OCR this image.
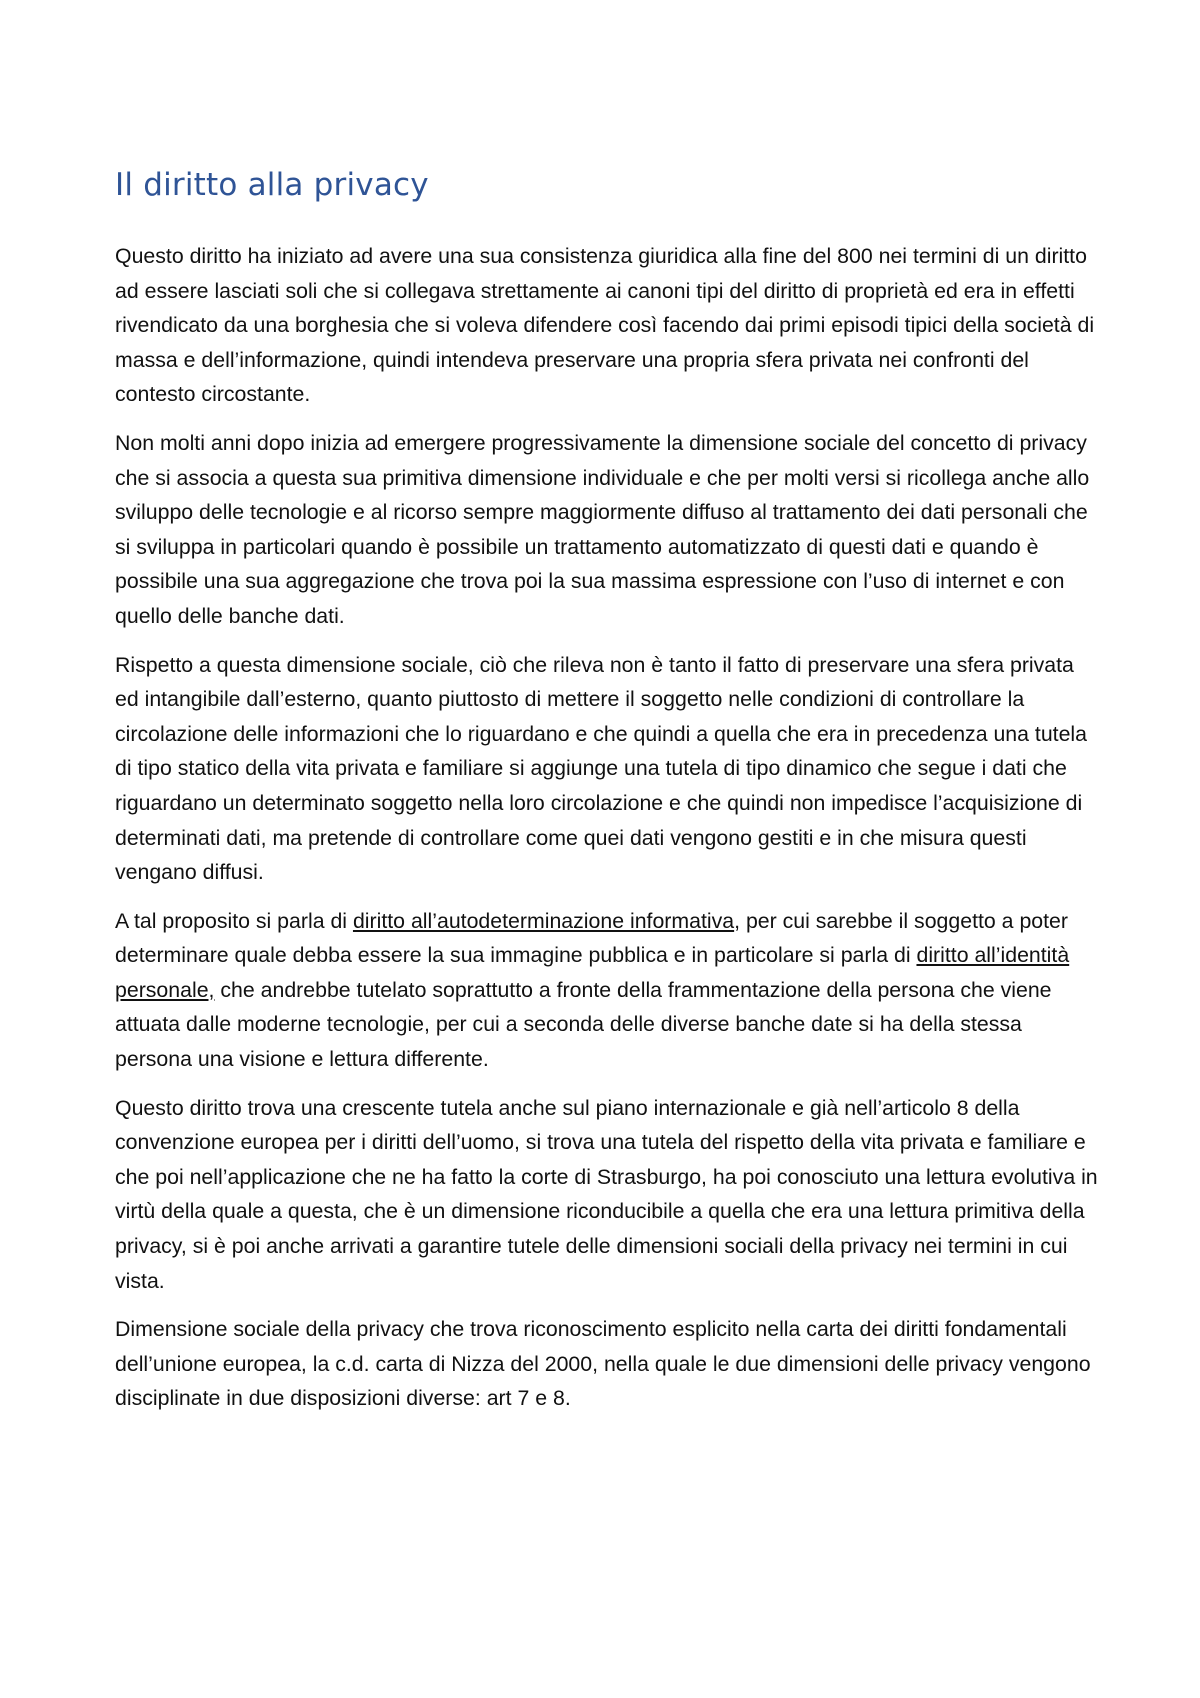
Il diritto alla privacy

Questo diritto ha iniziato ad avere una sua consistenza giuridica alla fine del 800 nei termini di un diritto ad essere lasciati soli che si collegava strettamente ai canoni tipi del diritto di proprietà ed era in effetti rivendicato da una borghesia che si voleva difendere così facendo dai primi episodi tipici della società di massa e dell’informazione, quindi intendeva preservare una propria sfera privata nei confronti del contesto circostante.

Non molti anni dopo inizia ad emergere progressivamente la dimensione sociale del concetto di privacy che si associa a questa sua primitiva dimensione individuale e che per molti versi si ricollega anche allo sviluppo delle tecnologie e al ricorso sempre maggiormente diffuso al trattamento dei dati personali che si sviluppa in particolari quando è possibile un trattamento automatizzato di questi dati e quando è possibile una sua aggregazione che trova poi la sua massima espressione con l’uso di internet e con quello delle banche dati.

Rispetto a questa dimensione sociale, ciò che rileva non è tanto il fatto di preservare una sfera privata ed intangibile dall’esterno, quanto piuttosto di mettere il soggetto nelle condizioni di controllare la circolazione delle informazioni che lo riguardano e che quindi a quella che era in precedenza una tutela di tipo statico della vita privata e familiare si aggiunge una tutela di tipo dinamico che segue i dati che riguardano un determinato soggetto nella loro circolazione e che quindi non impedisce l’acquisizione di determinati dati, ma pretende di controllare come quei dati vengono gestiti e in che misura questi vengano diffusi.

A tal proposito si parla di diritto all’autodeterminazione informativa, per cui sarebbe il soggetto a poter determinare quale debba essere la sua immagine pubblica e in particolare si parla di diritto all’identità personale, che andrebbe tutelato soprattutto a fronte della frammentazione della persona che viene attuata dalle moderne tecnologie, per cui a seconda delle diverse banche date si ha della stessa persona una visione e lettura differente.

Questo diritto trova una crescente tutela anche sul piano internazionale e già nell’articolo 8 della convenzione europea per i diritti dell’uomo, si trova una tutela del rispetto della vita privata e familiare e che poi nell’applicazione che ne ha fatto la corte di Strasburgo, ha poi conosciuto una lettura evolutiva in virtù della quale a questa, che è un dimensione riconducibile a quella che era una lettura primitiva della privacy, si è poi anche arrivati a garantire tutele delle dimensioni sociali della privacy nei termini in cui vista.

Dimensione sociale della privacy che trova riconoscimento esplicito nella carta dei diritti fondamentali dell’unione europea, la c.d. carta di Nizza del 2000, nella quale le due dimensioni delle privacy vengono disciplinate in due disposizioni diverse: art 7 e 8.
